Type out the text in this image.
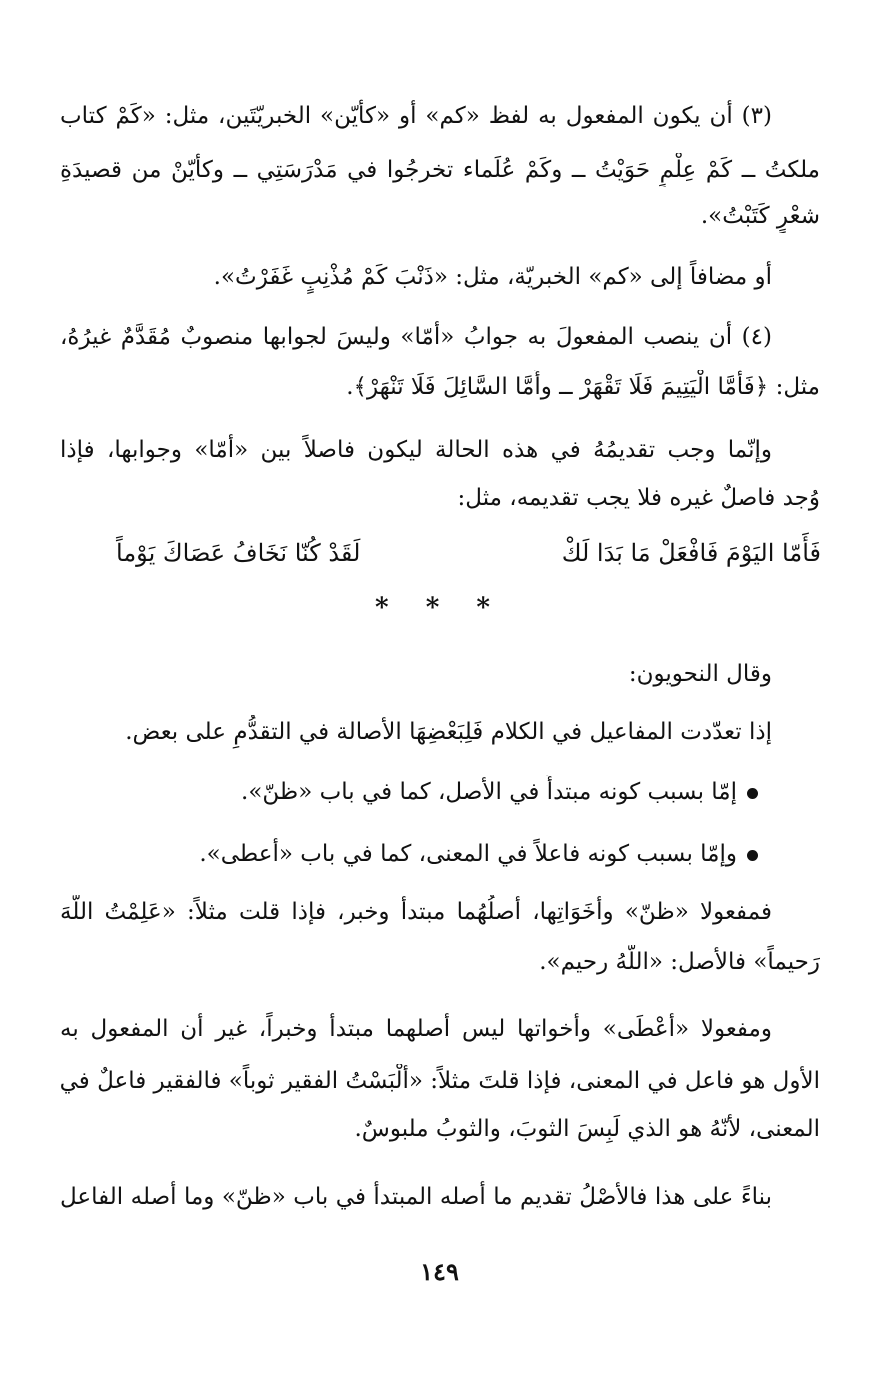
(٣) أن يكون المفعول به لفظ «كم» أو «كأيّن» الخبريّتَين، مثل: «كَمْ كتاب
ملكتُ ــ كَمْ عِلْمٍ حَوَيْتُ ــ وكَمْ عُلَماء تخرجُوا في مَدْرَسَتِي ــ وكأيّنْ من قصيدَةِ
شعْرٍ كَتَبْتُ».
أو مضافاً إلى «كم» الخبريّة، مثل: «ذَنْبَ كَمْ مُذْنِبٍ غَفَرْتُ».
(٤) أن ينصب المفعولَ به جوابُ «أمّا» وليسَ لجوابها منصوبٌ مُقَدَّمٌ غيرُهُ،
مثل: ﴿فَأَمَّا الْيَتِيمَ فَلَا تَقْهَرْ ــ وأَمَّا السَّائِلَ فَلَا تَنْهَرْ﴾.
وإنّما وجب تقديمُهُ في هذه الحالة ليكون فاصلاً بين «أمّا» وجوابها، فإذا
وُجد فاصلٌ غيره فلا يجب تقديمه، مثل:
لَقَدْ كُنّا نَخَافُ عَصَاكَ يَوْماً	فَأَمّا اليَوْمَ فَافْعَلْ مَا بَدَا لَكْ
* * *
وقال النحويون:
إذا تعدّدت المفاعيل في الكلام فَلِبَعْضِهَا الأصالة في التقدُّمِ على بعض.
إمّا بسبب كونه مبتدأً في الأصل، كما في باب «ظنّ».
وإمّا بسبب كونه فاعلاً في المعنى، كما في باب «أعطى».
فمفعولا «ظنّ» وأخَوَاتِها، أصلُهُما مبتدأ وخبر، فإذا قلت مثلاً: «عَلِمْتُ اللّهَ
رَحيماً» فالأصل: «اللّهُ رحيم».
ومفعولا «أعْطَى» وأخواتها ليس أصلهما مبتدأ وخبراً، غير أن المفعول به
الأول هو فاعل في المعنى، فإذا قلتَ مثلاً: «ألْبَسْتُ الفقير ثوباً» فالفقير فاعلٌ في
المعنى، لأنّهُ هو الذي لَبِسَ الثوبَ، والثوبُ ملبوسٌ.
بناءً على هذا فالأصْلُ تقديم ما أصله المبتدأ في باب «ظنّ» وما أصله الفاعل
١٤٩
